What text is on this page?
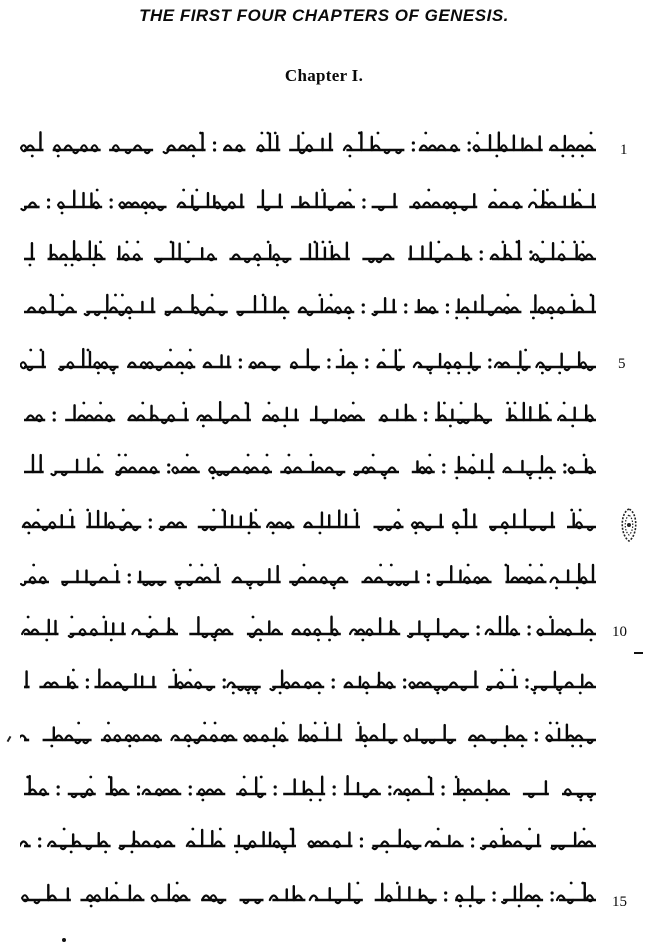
THE FIRST FOUR CHAPTERS OF GENESIS.
Chapter I.
1
5
10
15
